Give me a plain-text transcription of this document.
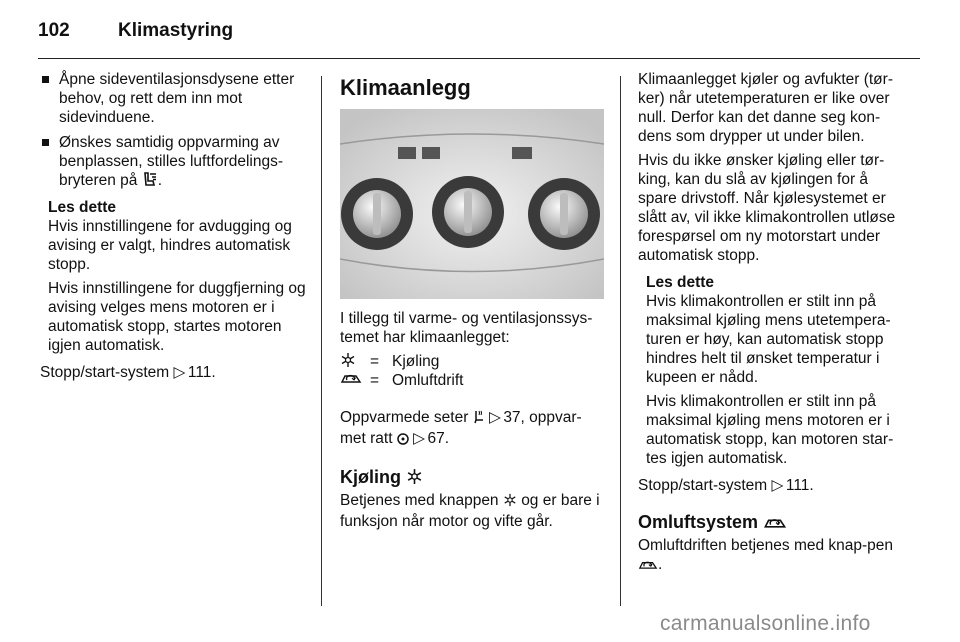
102	Klimastyring
Åpne sideventilasjonsdysene etter behov, og rett dem inn mot sidevinduene.
Ønskes samtidig oppvarming av benplassen, stilles luftfordelings-bryteren på .
Les dette

Hvis innstillingene for avdugging og avising er valgt, hindres automatisk stopp.

Hvis innstillingene for duggfjerning og avising velges mens motoren er i automatisk stopp, startes motoren igjen automatisk.

Stopp/start-system ▷ 111.

Klimaanlegg

I tillegg til varme- og ventilasjonssys-temet har klimaanlegget:

= Kjøling
= Omluftdrift

Oppvarmede seter ▷ 37, oppvar-
met ratt ▷ 67.

Kjøling

Betjenes med knappen og er bare i funksjon når motor og vifte går.

Klimaanlegget kjøler og avfukter (tør-ker) når utetemperaturen er like over null. Derfor kan det danne seg kon-dens som drypper ut under bilen.

Hvis du ikke ønsker kjøling eller tør-king, kan du slå av kjølingen for å spare drivstoff. Når kjølesystemet er slått av, vil ikke klimakontrollen utløse forespørsel om ny motorstart under automatisk stopp.

Les dette

Hvis klimakontrollen er stilt inn på maksimal kjøling mens utetempera-turen er høy, kan automatisk stopp hindres helt til ønsket temperatur i kupeen er nådd.

Hvis klimakontrollen er stilt inn på maksimal kjøling mens motoren er i automatisk stopp, kan motoren star-tes igjen automatisk.

Stopp/start-system ▷ 111.

Omluftsystem

Omluftdriften betjenes med knap-pen .

carmanualsonline.info
